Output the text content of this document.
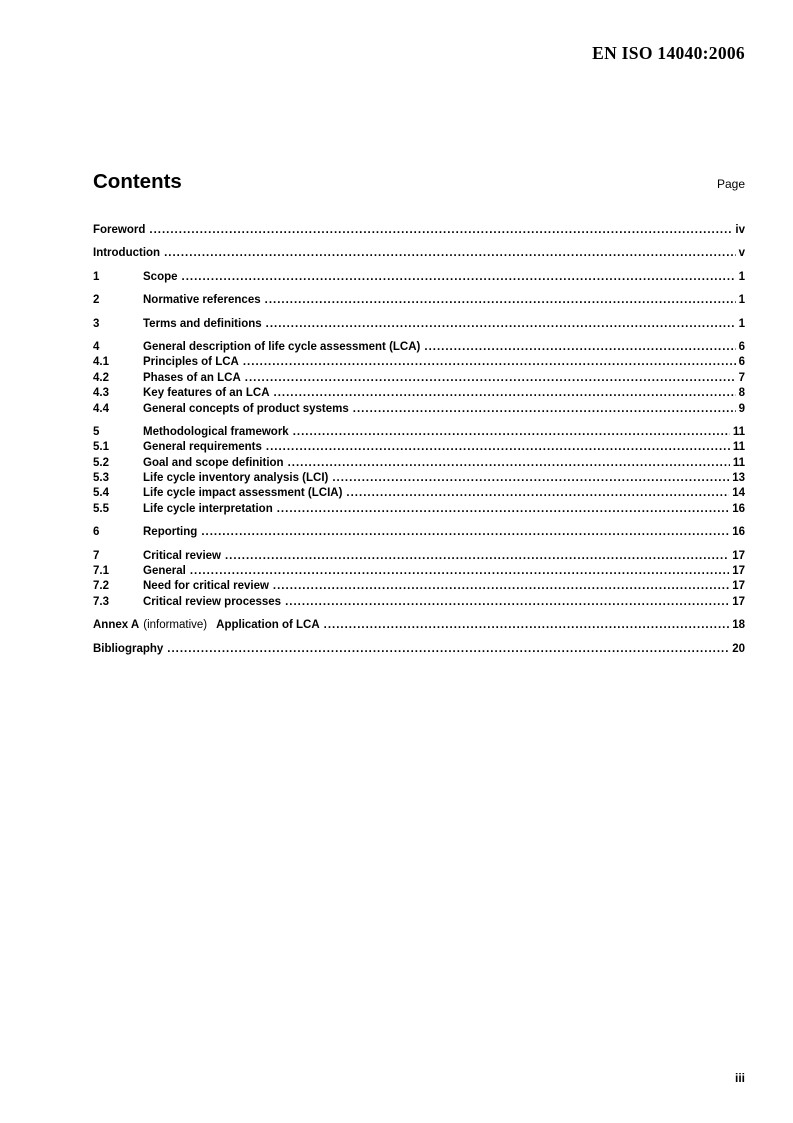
EN ISO 14040:2006
Contents	Page
Foreword .....	iv
Introduction .....	v
1	Scope .....	1
2	Normative references .....	1
3	Terms and definitions .....	1
4	General description of life cycle assessment (LCA) .....	6
4.1	Principles of LCA .....	6
4.2	Phases of an LCA .....	7
4.3	Key features of an LCA .....	8
4.4	General concepts of product systems .....	9
5	Methodological framework .....	11
5.1	General requirements .....	11
5.2	Goal and scope definition .....	11
5.3	Life cycle inventory analysis (LCI) .....	13
5.4	Life cycle impact assessment (LCIA) .....	14
5.5	Life cycle interpretation .....	16
6	Reporting .....	16
7	Critical review .....	17
7.1	General .....	17
7.2	Need for critical review .....	17
7.3	Critical review processes .....	17
Annex A (informative) Application of LCA .....	18
Bibliography .....	20
iii
